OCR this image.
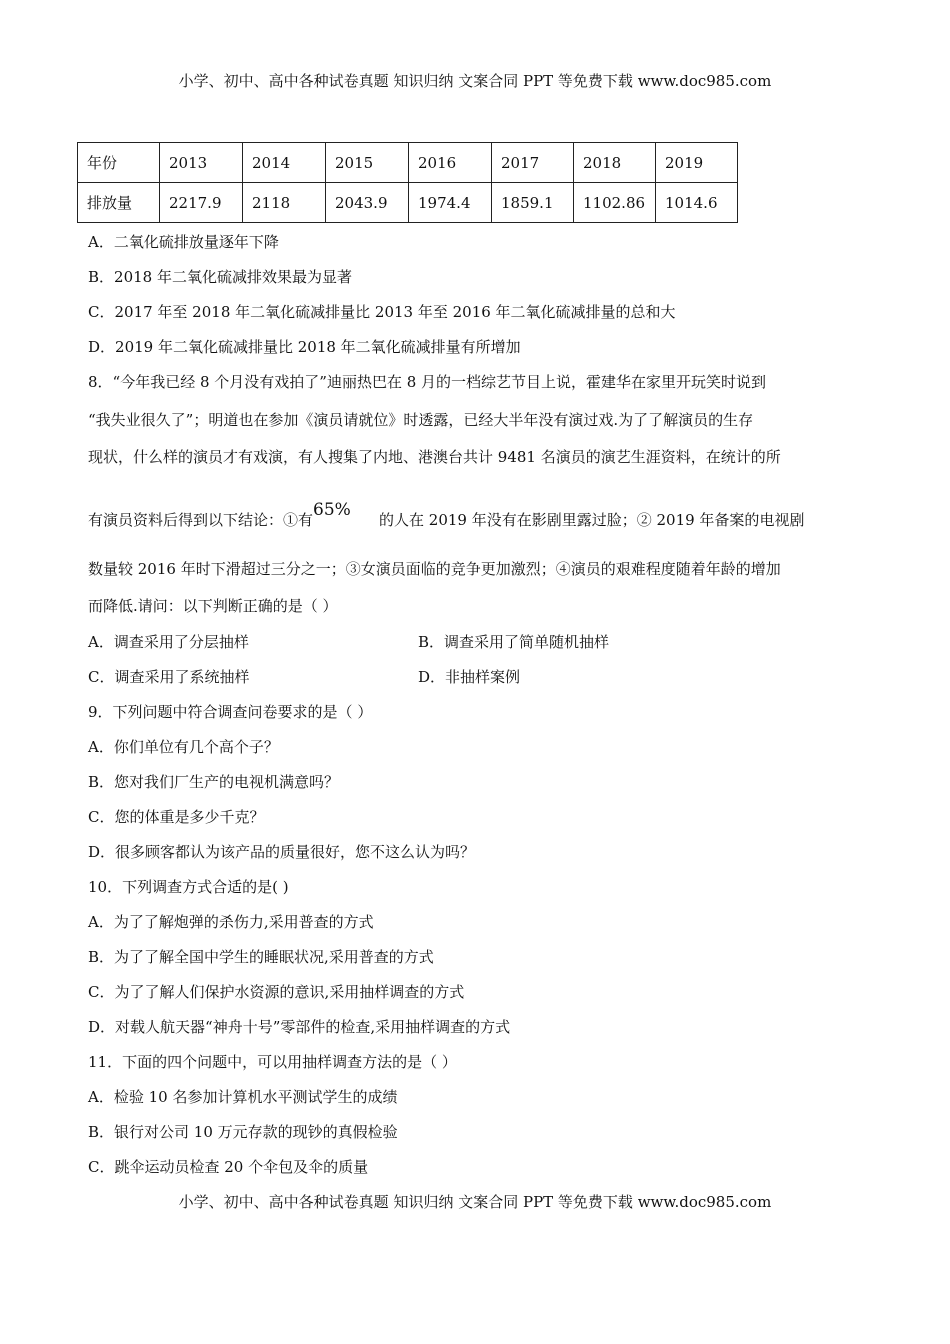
小学、初中、高中各种试卷真题 知识归纳 文案合同 PPT 等免费下载 www.doc985.com
年份	2013	2014	2015	2016	2017	2018	2019
排放量	2217.9	2118	2043.9	1974.4	1859.1	1102.86	1014.6
A．二氧化硫排放量逐年下降
B．2018 年二氧化硫减排效果最为显著
C．2017 年至 2018 年二氧化硫减排量比 2013 年至 2016 年二氧化硫减排量的总和大
D．2019 年二氧化硫减排量比 2018 年二氧化硫减排量有所增加
8．“今年我已经 8 个月没有戏拍了”迪丽热巴在 8 月的一档综艺节目上说，霍建华在家里开玩笑时说到
“我失业很久了”；明道也在参加《演员请就位》时透露，已经大半年没有演过戏.为了了解演员的生存
现状，什么样的演员才有戏演，有人搜集了内地、港澳台共计 9481 名演员的演艺生涯资料，在统计的所
有演员资料后得到以下结论：①有65% 的人在 2019 年没有在影剧里露过脸；② 2019 年备案的电视剧
数量较 2016 年时下滑超过三分之一；③女演员面临的竞争更加激烈；④演员的艰难程度随着年龄的增加
而降低.请问：以下判断正确的是（ ）
A．调查采用了分层抽样	B．调查采用了简单随机抽样
C．调查采用了系统抽样	D．非抽样案例
9．下列问题中符合调查问卷要求的是（ ）
A．你们单位有几个高个子？
B．您对我们厂生产的电视机满意吗？
C．您的体重是多少千克？
D．很多顾客都认为该产品的质量很好，您不这么认为吗？
10．下列调查方式合适的是( )
A．为了了解炮弹的杀伤力,采用普查的方式
B．为了了解全国中学生的睡眠状况,采用普查的方式
C．为了了解人们保护水资源的意识,采用抽样调查的方式
D．对载人航天器“神舟十号”零部件的检查,采用抽样调查的方式
11．下面的四个问题中，可以用抽样调查方法的是（ ）
A．检验 10 名参加计算机水平测试学生的成绩
B．银行对公司 10 万元存款的现钞的真假检验
C．跳伞运动员检查 20 个伞包及伞的质量
小学、初中、高中各种试卷真题 知识归纳 文案合同 PPT 等免费下载 www.doc985.com
